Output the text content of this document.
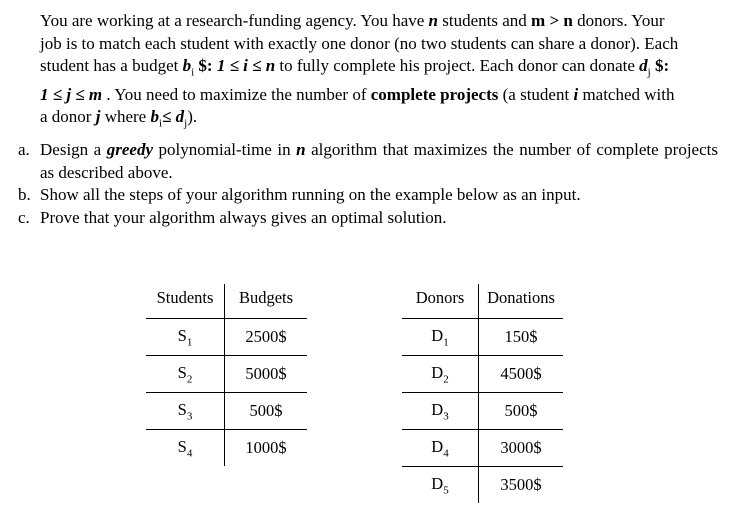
You are working at a research-funding agency. You have n students and m > n donors. Your job is to match each student with exactly one donor (no two students can share a donor). Each student has a budget $b_i$ $: 1 ≤ i ≤ n to fully complete his project. Each donor can donate $d_j$ $: 1 ≤ j ≤ m . You need to maximize the number of complete projects (a student i matched with a donor j where $b_i\le d_j$).
a. Design a greedy polynomial-time in n algorithm that maximizes the number of complete projects as described above.
b. Show all the steps of your algorithm running on the example below as an input.
c. Prove that your algorithm always gives an optimal solution.
Students	Budgets
$S_1$	2500$
$S_2$	5000$
$S_3$	500$
$S_4$	1000$
Donors	Donations
$D_1$	150$
$D_2$	4500$
$D_3$	500$
$D_4$	3000$
$D_5$	3500$
